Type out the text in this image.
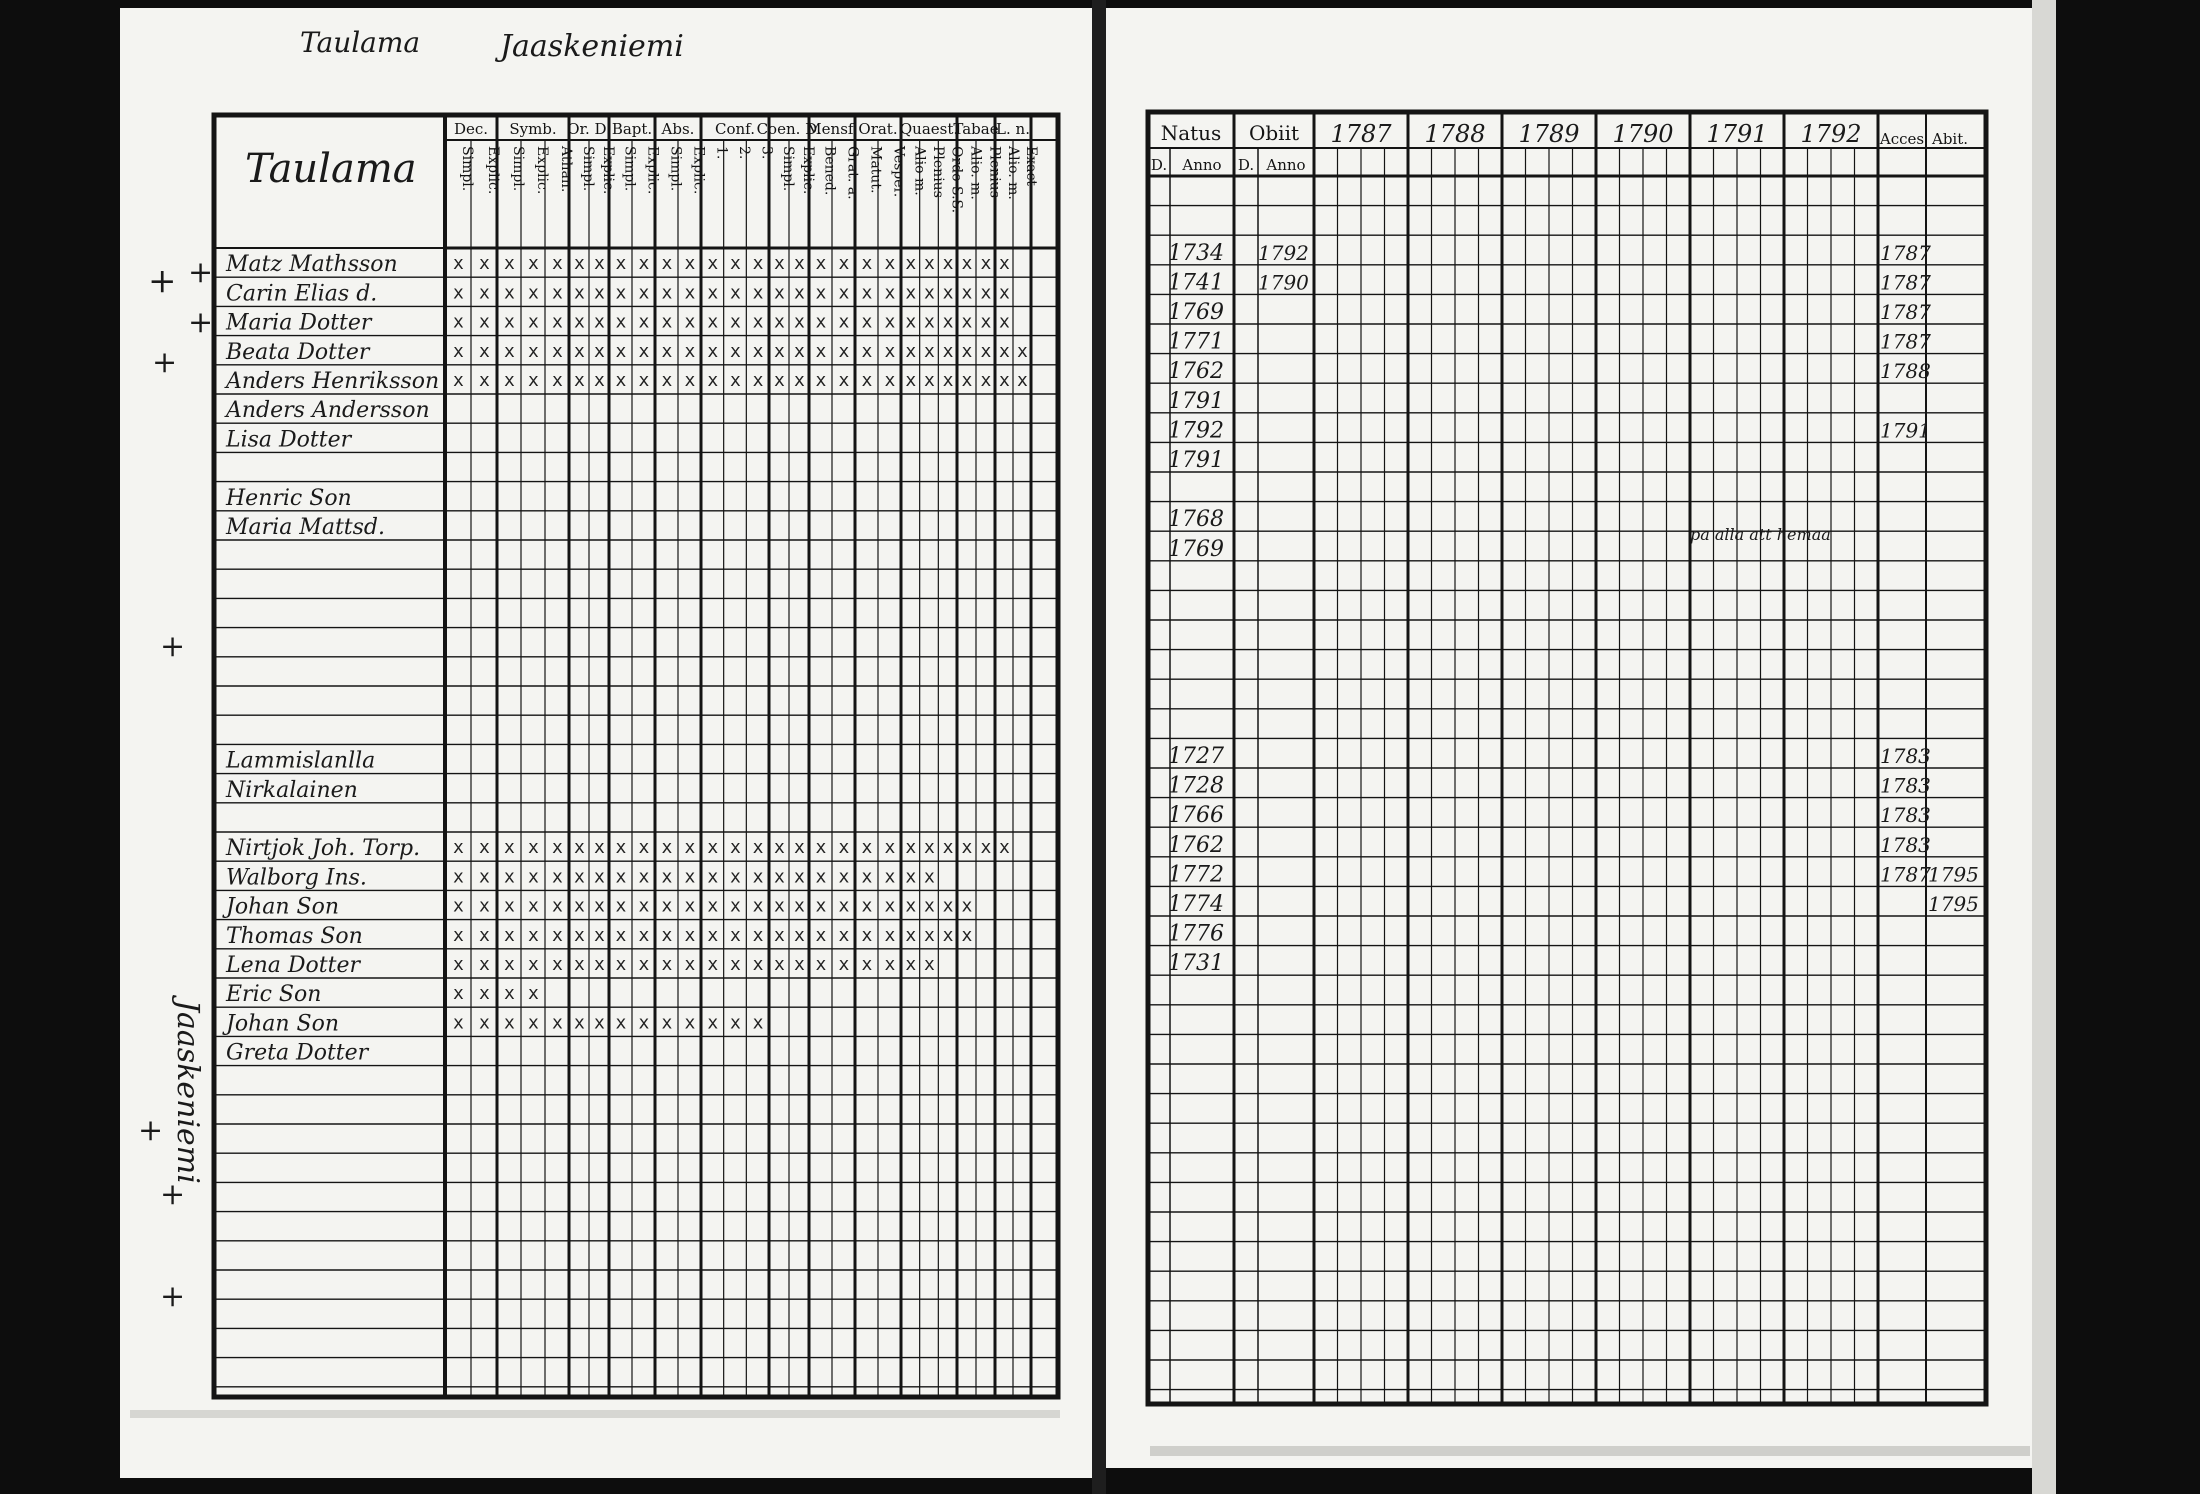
Taulama	Jaaskeniemi
Dec.
Simpl. Explic.
Symb.
Simpl. Explic. Athan.
Or. D.
Simpl. Explic.
Bapt.
Simpl. Explic.
Abs.
Simpl. Explic.
Conf.
1. 2. 3.
Coen. D.
Simpl. Explic.
Mensf.
Bened. Grat. a.
Orat.
Matut. Vesper.
Quaest.
Alio m. Plenius Ordo S.S.
Tabae
Alio. m. Plenius
L. n.
Alio. m. Exact
Taulama
Matz Mathsson
Carin Elias d.
Maria Dotter
Beata Dotter
Anders Henriksson
Anders Andersson
Lisa Dotter
Henric Son
Maria Mattsd.
Lammislanlla
Nirkalainen
Nirtjok Joh. Torp.
Walborg Ins.
Johan Son
Thomas Son
Lena Dotter
Eric Son
Johan Son
Greta Dotter
x x x x x x x x x x x x x x x x x x x x x x x x x x
x x x x x x x x x x x x x x x x x x x x x x x x x x
x x x x x x x x x x x x x x x x x x x x x x x x x x
x x x x x x x x x x x x x x x x x x x x x x x x x x x
x x x x x x x x x x x x x x x x x x x x x x x x x x x
x x x x x x x x x x x x x x x x x x x x x x x x x x
x x x x x x x x x x x x x x x x x x x x x x
x x x x x x x x x x x x x x x x x x x x x x x x
x x x x x x x x x x x x x x x x x x x x x x x x
x x x x x x x x x x x x x x x x x x x x x x
x x x x
x x x x x x x x x x x x x x
+ +
+
+
+
+
+
+
Jaaskeniemi
Natus
D. Anno
Obiit
D. Anno
1787 1788 1789 1790 1791 1792 Acces Abit.
1734
1741
1769
1771
1762
1791
1792
1791
1768
1769
1727
1728
1766
1762
1772
1774
1776
1731
1792
1790
1787
1787
1787
1787
1788
1791
1783
1783
1783
1783
1787
1795
1795
pa alla att hemaa
